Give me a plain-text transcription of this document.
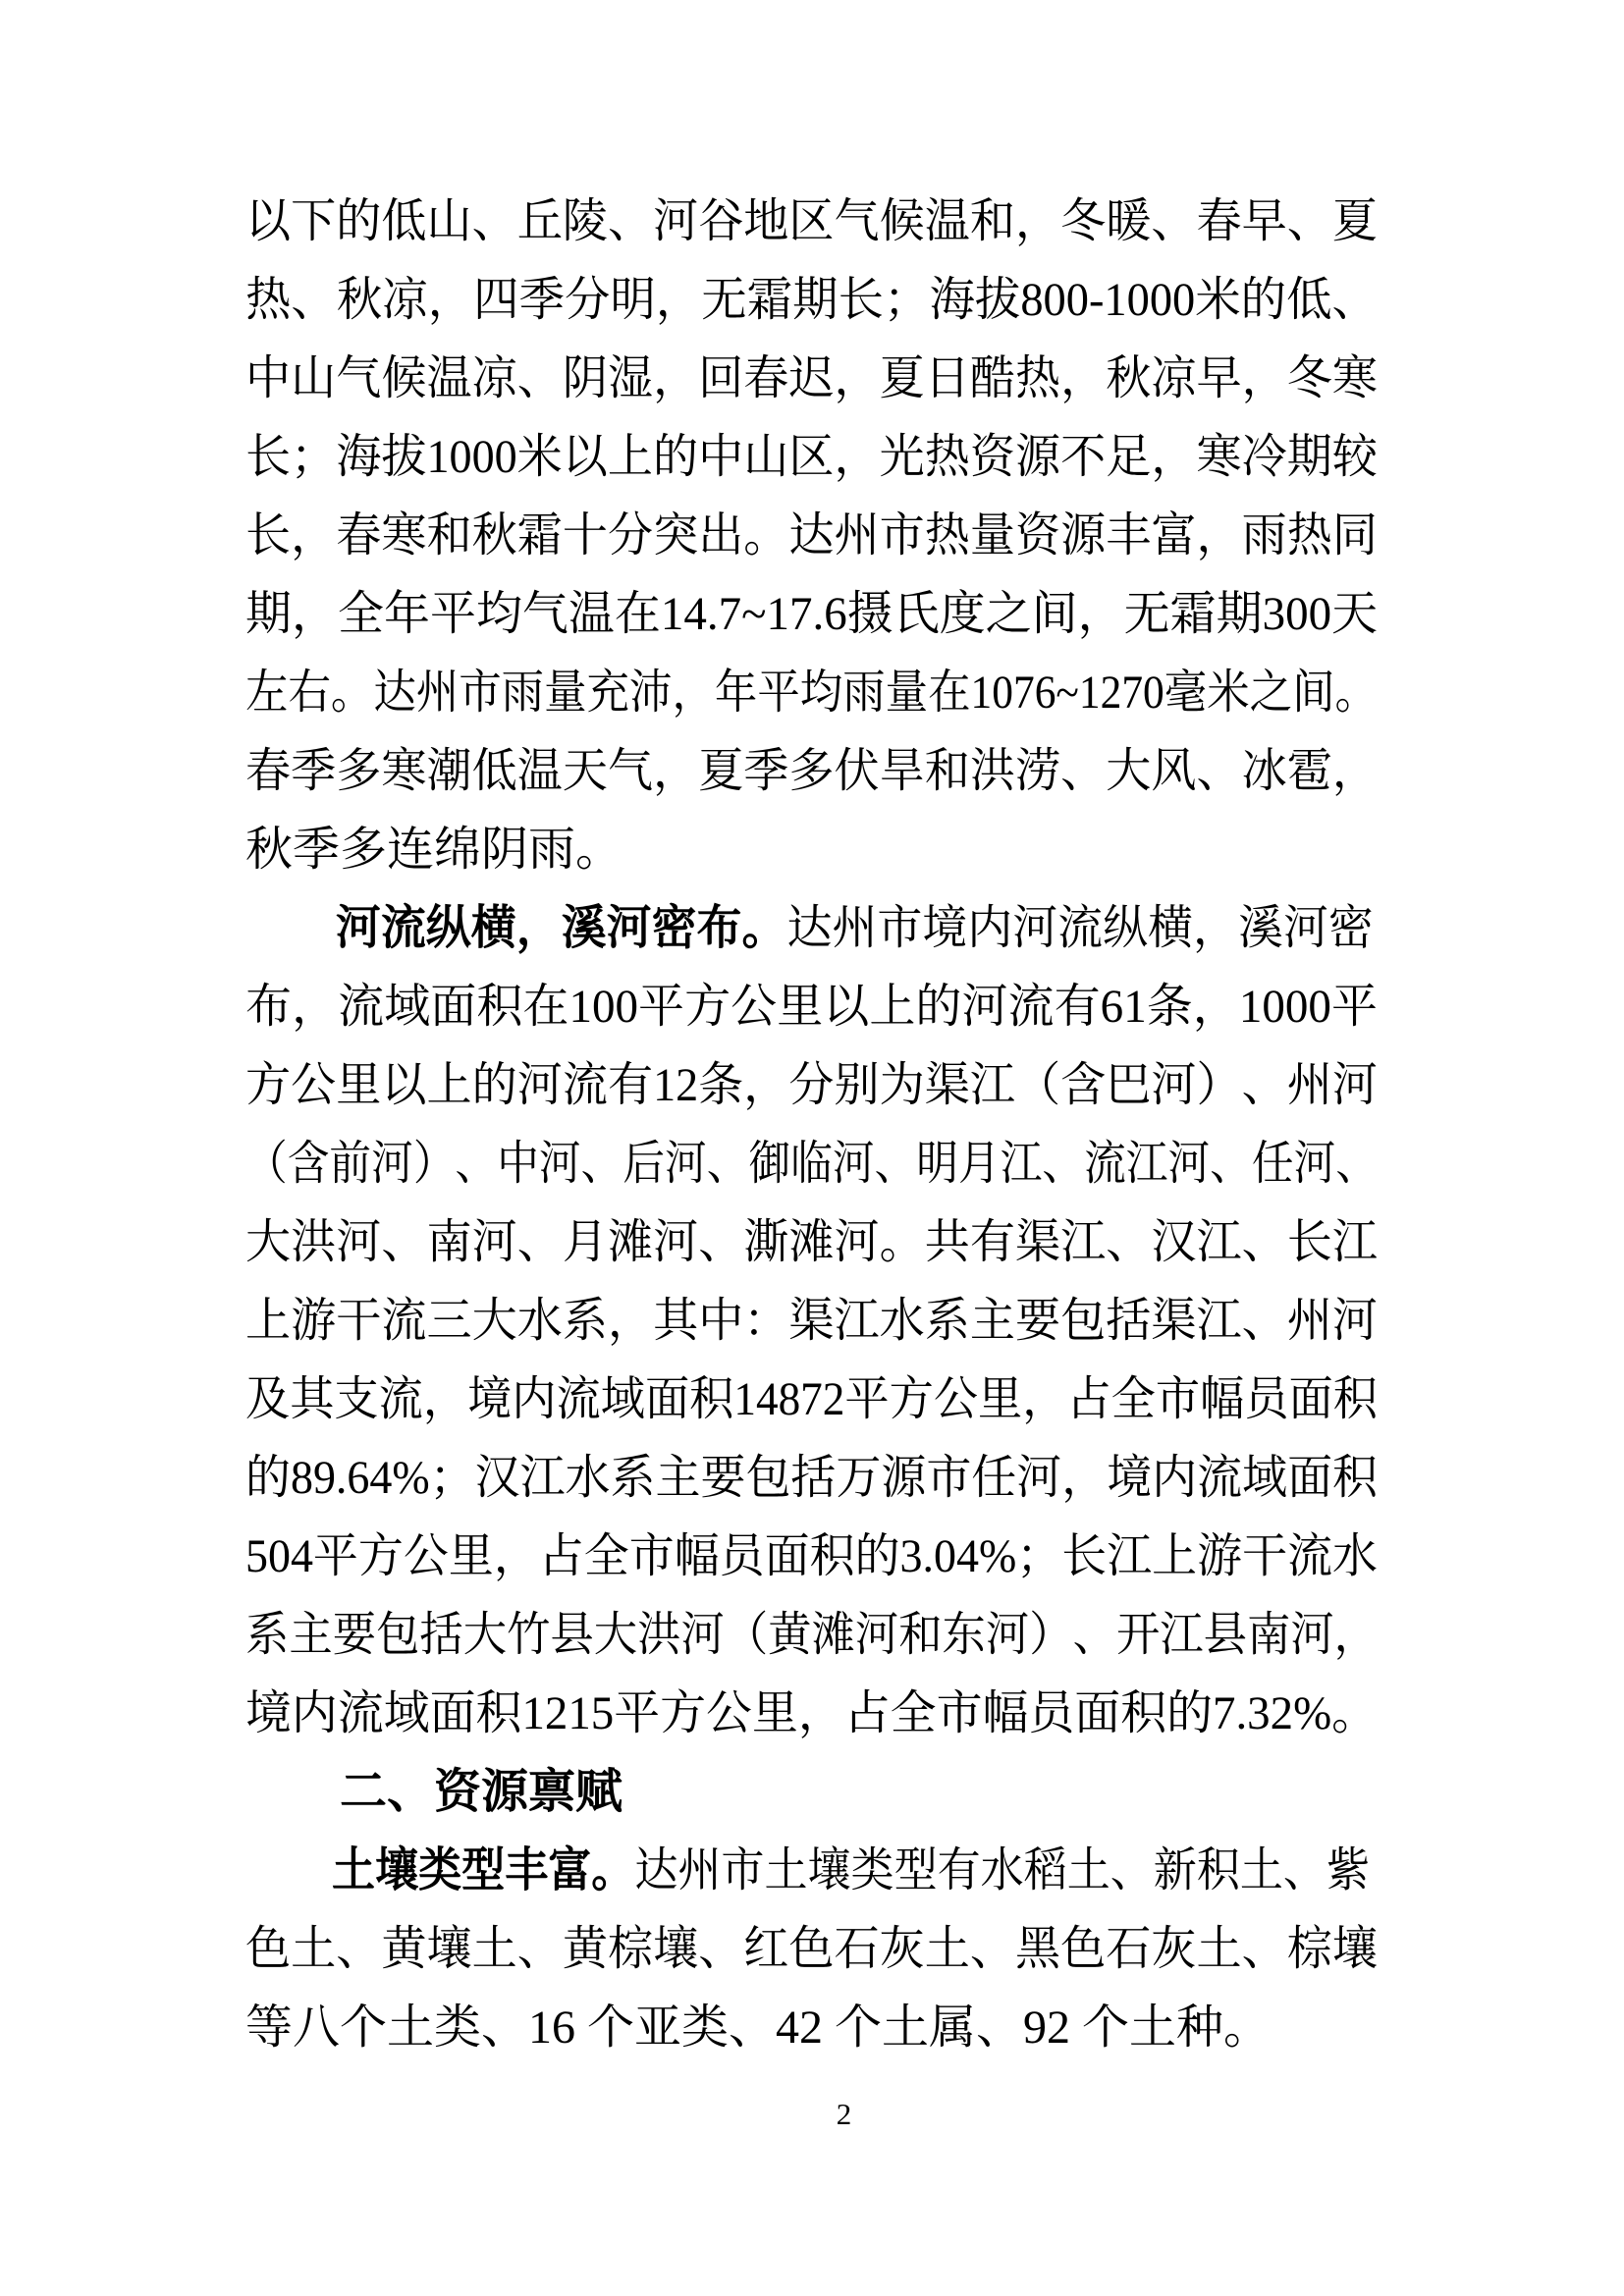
以 下 的 低 山 、 丘 陵 、 河 谷 地 区 气 候 温 和 ， 冬 暖 、 春 早 、 夏
热 、 秋 凉 ， 四 季 分 明 ， 无 霜 期 长 ； 海 拔 800 -1000 米 的 低 、
中 山 气 候 温 凉 、 阴 湿 ， 回 春 迟 ， 夏 日 酷 热 ， 秋 凉 早 ， 冬 寒
长 ； 海 拔 1000 米 以 上 的 中 山 区 ， 光 热 资 源 不 足 ， 寒 冷 期 较
长 ， 春 寒 和 秋 霜 十 分 突 出 。 达 州 市 热 量 资 源 丰 富 ， 雨 热 同
期 ， 全 年 平 均 气 温 在 14.7~17.6 摄 氏 度 之 间 ， 无 霜 期 300 天
左 右 。 达 州 市 雨 量 充 沛 ， 年 平 均 雨 量 在 1076~1270 毫 米 之 间 。
春 季 多 寒 潮 低 温 天 气 ， 夏 季 多 伏 旱 和 洪 涝 、 大 风 、 冰 雹 ，
秋季多连绵阴雨。
河 流 纵 横 ， 溪 河 密 布 。 达 州 市 境 内 河 流 纵 横 ， 溪 河 密
布 ， 流 域 面 积 在 100 平 方 公 里 以 上 的 河 流 有 61 条 ， 1000 平
方 公 里 以 上 的 河 流 有 12 条 ， 分 别 为 渠 江 （ 含 巴 河 ） 、 州 河
（ 含 前 河 ） 、 中 河 、 后 河 、 御 临 河 、 明 月 江 、 流 江 河 、 任 河 、
大 洪 河 、 南 河 、 月 滩 河 、 澌 滩 河 。 共 有 渠 江 、 汉 江 、 长 江
上 游 干 流 三 大 水 系 ， 其 中 ： 渠 江 水 系 主 要 包 括 渠 江 、 州 河
及 其 支 流 ， 境 内 流 域 面 积 14872 平 方 公 里 ， 占 全 市 幅 员 面 积
的 89.64% ； 汉 江 水 系 主 要 包 括 万 源 市 任 河 ， 境 内 流 域 面 积
504 平 方 公 里 ， 占 全 市 幅 员 面 积 的 3.04% ； 长 江 上 游 干 流 水
系 主 要 包 括 大 竹 县 大 洪 河 （ 黄 滩 河 和 东 河 ） 、 开 江 县 南 河 ，
境 内 流 域 面 积 1215 平 方 公 里 ， 占 全 市 幅 员 面 积 的 7.32% 。
二、资源禀赋
土 壤 类 型 丰 富 。 达 州 市 土 壤 类 型 有 水 稻 土 、 新 积 土 、 紫
色 土 、 黄 壤 土 、 黄 棕 壤 、 红 色 石 灰 土 、 黑 色 石 灰 土 、 棕 壤
等八个土类、16 个亚类、42 个土属、92 个土种。
2
